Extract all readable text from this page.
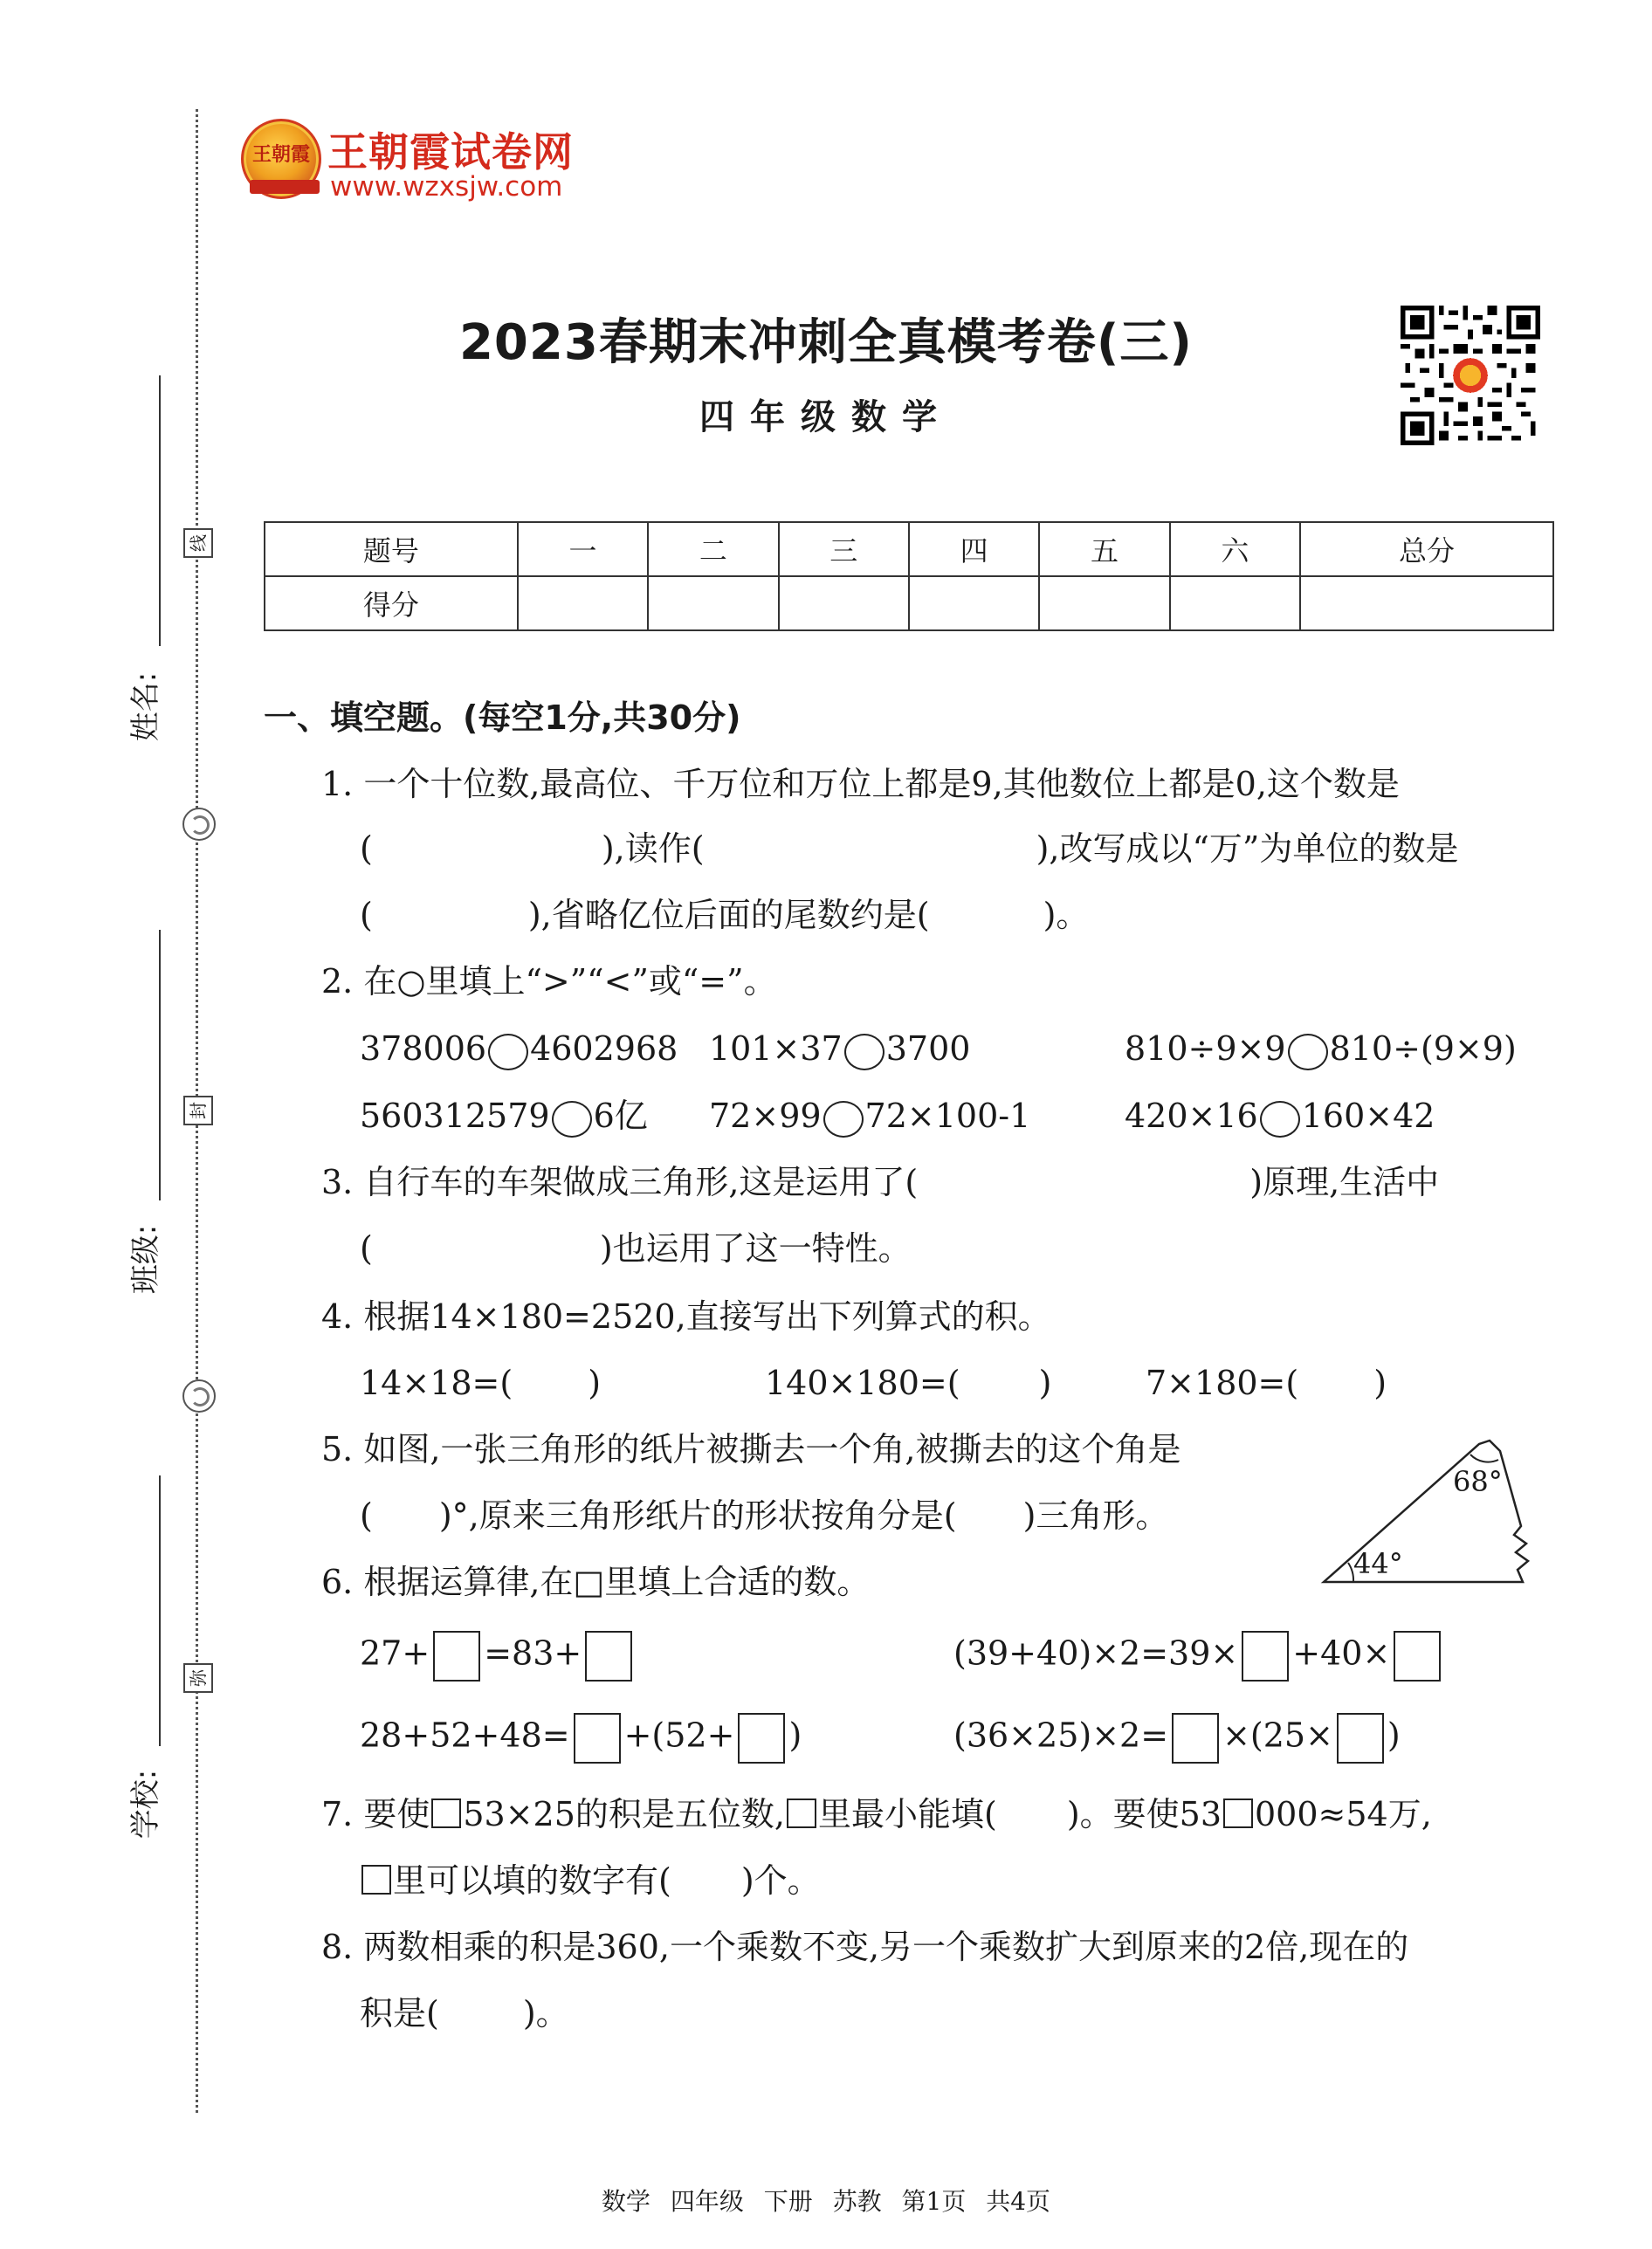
姓名:
班级:
学校:
线
封
弥
王朝霞 王朝霞试卷网
www.wzxsjw.com
2023春期末冲刺全真模考卷(三)
四年级数学
题号	一	二	三	四	五	六	总分
得分							
一、填空题。(每空1分,共30分)
1. 一个十位数,最高位、千万位和万位上都是9,其他数位上都是0,这个数是
(	),读作(	),改写成以“万”为单位的数是
(	),省略亿位后面的尾数约是(	)。
2. 在○里填上“>”“<”或“=”。
378006 4602968 101×37 3700	810÷9×9 810÷(9×9)
560312579 6亿 72×99 72×100-1	420×16 160×42
3. 自行车的车架做成三角形,这是运用了(	)原理,生活中
(	)也运用了这一特性。
4. 根据14×180=2520,直接写出下列算式的积。
14×18=( )	140×180=( )	7×180=( )
5. 如图,一张三角形的纸片被撕去一个角,被撕去的这个角是
( )°,原来三角形纸片的形状按角分是( )三角形。
68°
44°
6. 根据运算律,在□里填上合适的数。
27+ =83+	(39+40)×2=39× +40×
28+52+48= +(52+ )	(36×25)×2= ×(25× )
7. 要使 53×25的积是五位数, 里最小能填( )。要使53 000≈54万,
里可以填的数字有( )个。
8. 两数相乘的积是360,一个乘数不变,另一个乘数扩大到原来的2倍,现在的
积是(	)。
数学 四年级 下册 苏教 第1页 共4页
